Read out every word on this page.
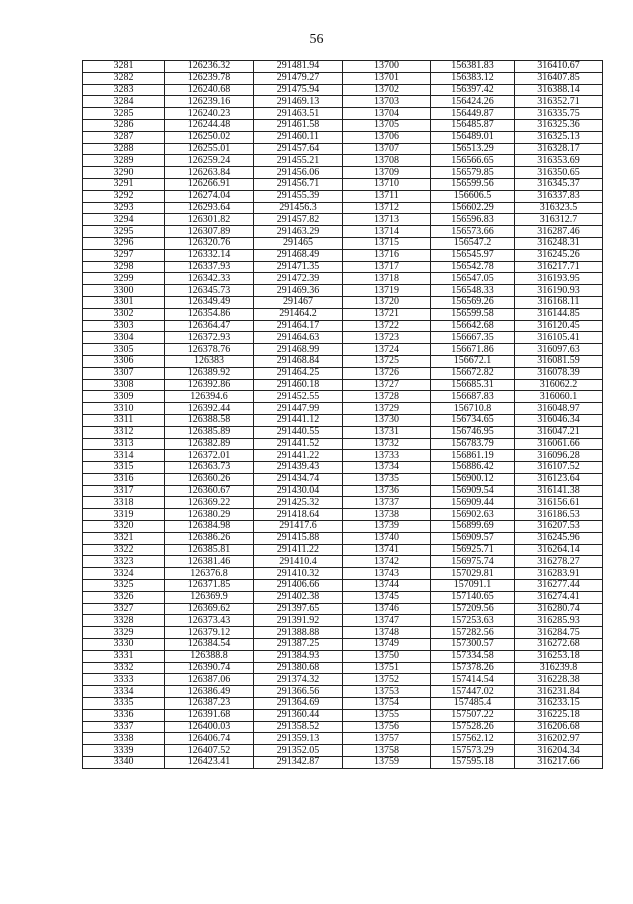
56
3281	126236.32	291481.94	13700	156381.83	316410.67
3282	126239.78	291479.27	13701	156383.12	316407.85
3283	126240.68	291475.94	13702	156397.42	316388.14
3284	126239.16	291469.13	13703	156424.26	316352.71
3285	126240.23	291463.51	13704	156449.87	316335.75
3286	126244.48	291461.58	13705	156485.87	316325.36
3287	126250.02	291460.11	13706	156489.01	316325.13
3288	126255.01	291457.64	13707	156513.29	316328.17
3289	126259.24	291455.21	13708	156566.65	316353.69
3290	126263.84	291456.06	13709	156579.85	316350.65
3291	126266.91	291456.71	13710	156599.56	316345.37
3292	126274.04	291455.39	13711	156606.5	316337.83
3293	126293.64	291456.3	13712	156602.29	316323.5
3294	126301.82	291457.82	13713	156596.83	316312.7
3295	126307.89	291463.29	13714	156573.66	316287.46
3296	126320.76	291465	13715	156547.2	316248.31
3297	126332.14	291468.49	13716	156545.97	316245.26
3298	126337.93	291471.35	13717	156542.78	316217.71
3299	126342.33	291472.39	13718	156547.05	316193.95
3300	126345.73	291469.36	13719	156548.33	316190.93
3301	126349.49	291467	13720	156569.26	316168.11
3302	126354.86	291464.2	13721	156599.58	316144.85
3303	126364.47	291464.17	13722	156642.68	316120.45
3304	126372.93	291464.63	13723	156667.35	316105.41
3305	126378.76	291468.99	13724	156671.86	316097.63
3306	126383	291468.84	13725	156672.1	316081.59
3307	126389.92	291464.25	13726	156672.82	316078.39
3308	126392.86	291460.18	13727	156685.31	316062.2
3309	126394.6	291452.55	13728	156687.83	316060.1
3310	126392.44	291447.99	13729	156710.8	316048.97
3311	126388.58	291441.12	13730	156734.65	316046.34
3312	126385.89	291440.55	13731	156746.95	316047.21
3313	126382.89	291441.52	13732	156783.79	316061.66
3314	126372.01	291441.22	13733	156861.19	316096.28
3315	126363.73	291439.43	13734	156886.42	316107.52
3316	126360.26	291434.74	13735	156900.12	316123.64
3317	126360.67	291430.04	13736	156909.54	316141.38
3318	126369.22	291425.32	13737	156909.44	316156.61
3319	126380.29	291418.64	13738	156902.63	316186.53
3320	126384.98	291417.6	13739	156899.69	316207.53
3321	126386.26	291415.88	13740	156909.57	316245.96
3322	126385.81	291411.22	13741	156925.71	316264.14
3323	126381.46	291410.4	13742	156975.74	316278.27
3324	126376.8	291410.32	13743	157029.81	316283.91
3325	126371.85	291406.66	13744	157091.1	316277.44
3326	126369.9	291402.38	13745	157140.65	316274.41
3327	126369.62	291397.65	13746	157209.56	316280.74
3328	126373.43	291391.92	13747	157253.63	316285.93
3329	126379.12	291388.88	13748	157282.56	316284.75
3330	126384.54	291387.25	13749	157300.57	316272.68
3331	126388.8	291384.93	13750	157334.58	316253.18
3332	126390.74	291380.68	13751	157378.26	316239.8
3333	126387.06	291374.32	13752	157414.54	316228.38
3334	126386.49	291366.56	13753	157447.02	316231.84
3335	126387.23	291364.69	13754	157485.4	316233.15
3336	126391.68	291360.44	13755	157507.22	316225.18
3337	126400.03	291358.52	13756	157528.26	316206.68
3338	126406.74	291359.13	13757	157562.12	316202.97
3339	126407.52	291352.05	13758	157573.29	316204.34
3340	126423.41	291342.87	13759	157595.18	316217.66
